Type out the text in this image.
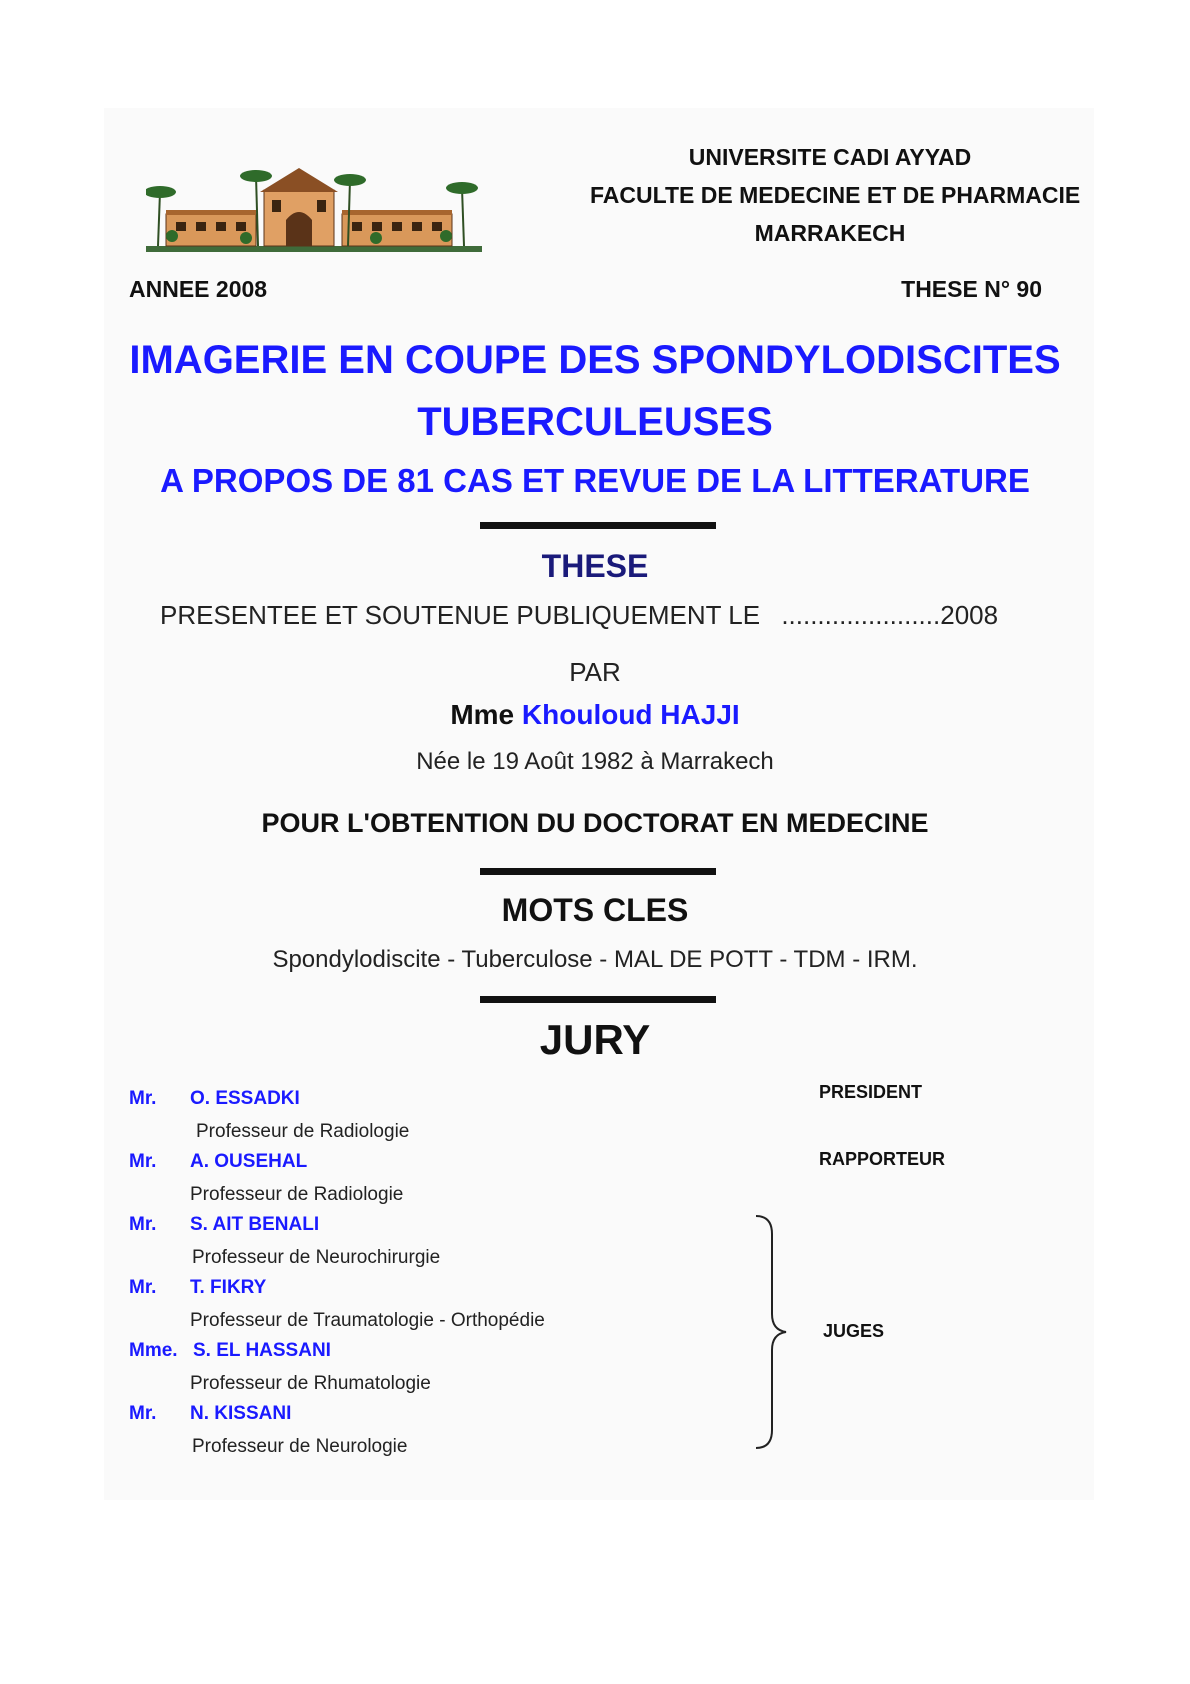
UNIVERSITE CADI AYYAD
FACULTE DE MEDECINE ET DE PHARMACIE
MARRAKECH
ANNEE 2008	THESE N° 90
IMAGERIE EN COUPE DES SPONDYLODISCITES
TUBERCULEUSES
A PROPOS DE 81 CAS ET REVUE DE LA LITTERATURE
THESE
PRESENTEE ET SOUTENUE PUBLIQUEMENT LE ......................2008
PAR
Mme Khouloud HAJJI
Née le 19 Août 1982 à Marrakech
POUR L'OBTENTION DU DOCTORAT EN MEDECINE
MOTS CLES
Spondylodiscite - Tuberculose - MAL DE POTT - TDM - IRM.
JURY
Mr. O. ESSADKI
Professeur de Radiologie
Mr. A. OUSEHAL
Professeur de Radiologie
Mr. S. AIT BENALI
Professeur de Neurochirurgie
Mr. T. FIKRY
Professeur de Traumatologie - Orthopédie
Mme. S. EL HASSANI
Professeur de Rhumatologie
Mr. N. KISSANI
Professeur de Neurologie
PRESIDENT
RAPPORTEUR
JUGES
